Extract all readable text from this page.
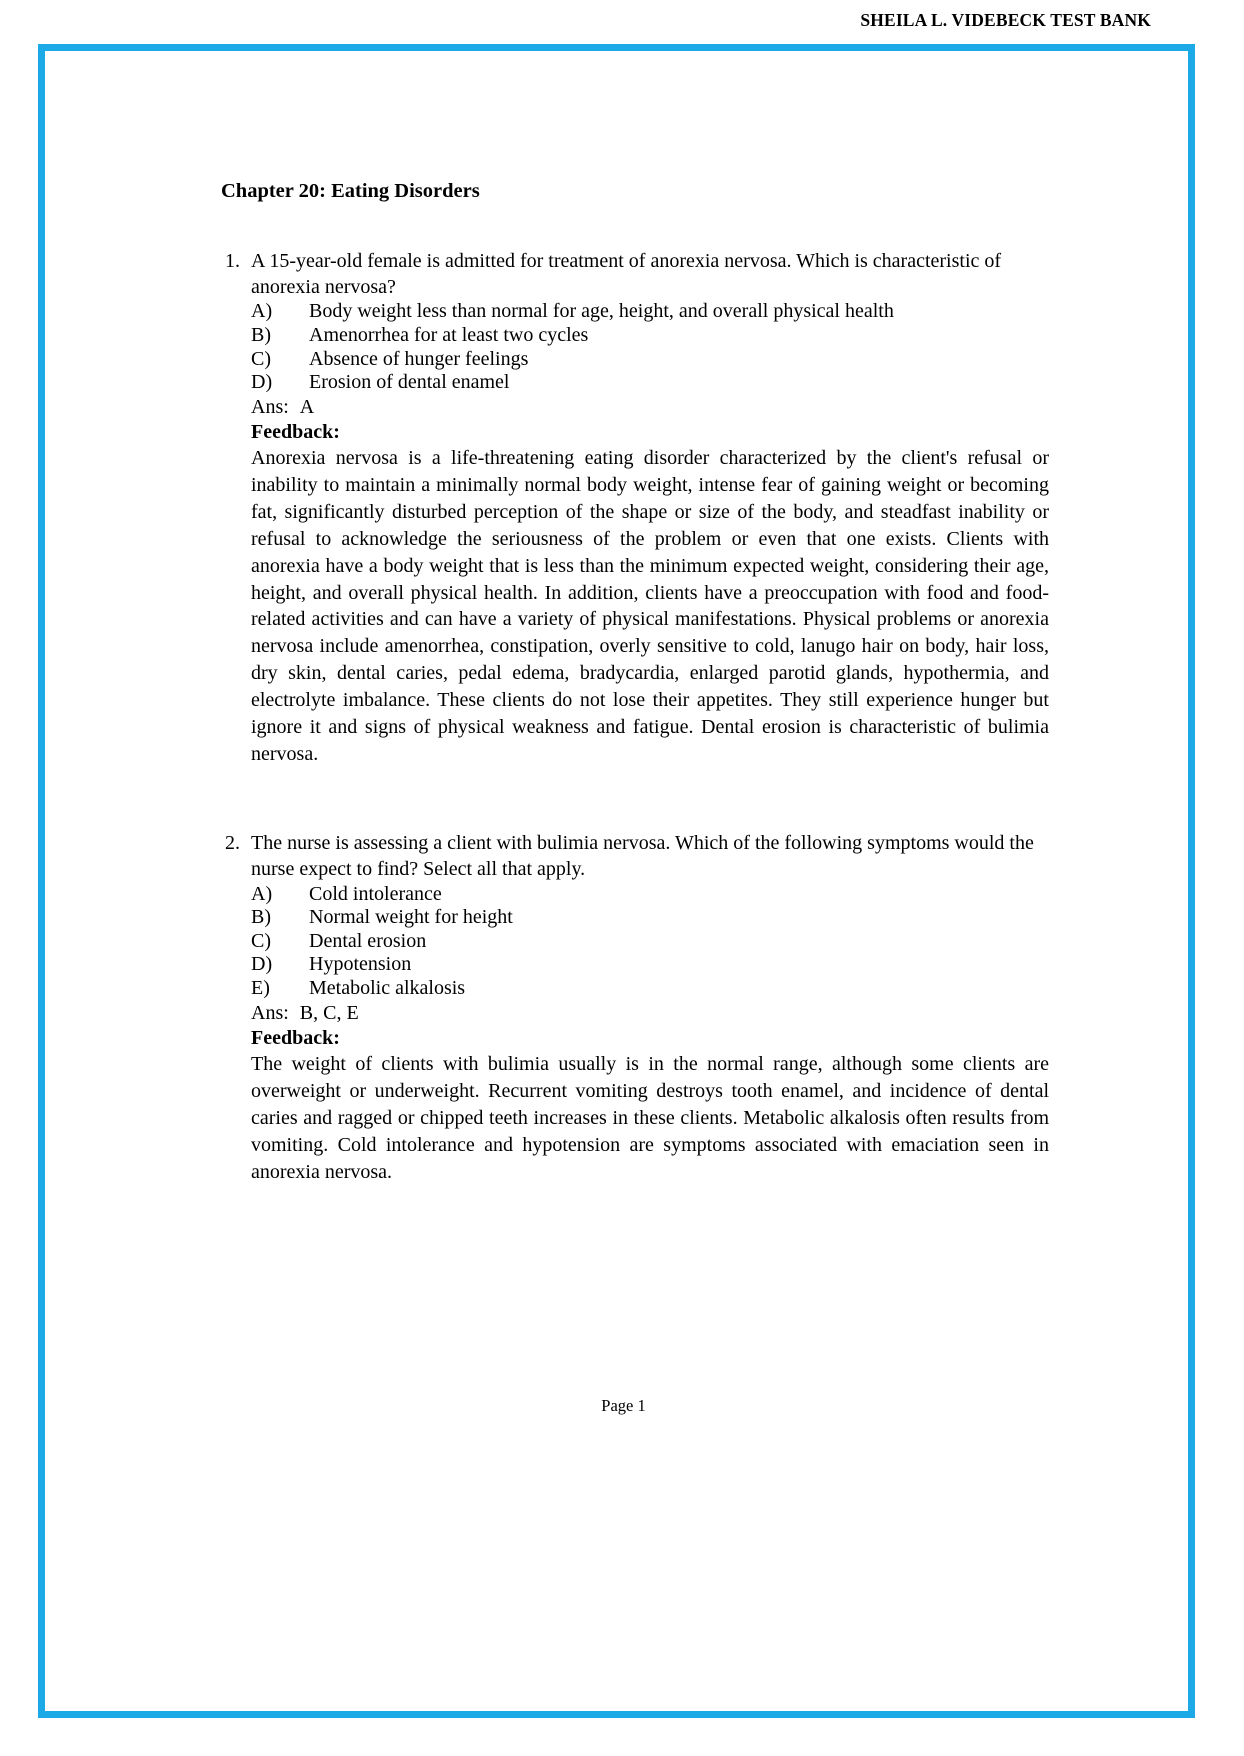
SHEILA L. VIDEBECK TEST BANK
Chapter 20: Eating Disorders
1. A 15-year-old female is admitted for treatment of anorexia nervosa. Which is characteristic of anorexia nervosa?
A)	Body weight less than normal for age, height, and overall physical health
B)	Amenorrhea for at least two cycles
C)	Absence of hunger feelings
D)	Erosion of dental enamel
Ans: A
Feedback:
Anorexia nervosa is a life-threatening eating disorder characterized by the client's refusal or inability to maintain a minimally normal body weight, intense fear of gaining weight or becoming fat, significantly disturbed perception of the shape or size of the body, and steadfast inability or refusal to acknowledge the seriousness of the problem or even that one exists. Clients with anorexia have a body weight that is less than the minimum expected weight, considering their age, height, and overall physical health. In addition, clients have a preoccupation with food and food-related activities and can have a variety of physical manifestations. Physical problems or anorexia nervosa include amenorrhea, constipation, overly sensitive to cold, lanugo hair on body, hair loss, dry skin, dental caries, pedal edema, bradycardia, enlarged parotid glands, hypothermia, and electrolyte imbalance. These clients do not lose their appetites. They still experience hunger but ignore it and signs of physical weakness and fatigue. Dental erosion is characteristic of bulimia nervosa.
2. The nurse is assessing a client with bulimia nervosa. Which of the following symptoms would the nurse expect to find? Select all that apply.
A)	Cold intolerance
B)	Normal weight for height
C)	Dental erosion
D)	Hypotension
E)	Metabolic alkalosis
Ans: B, C, E
Feedback:
The weight of clients with bulimia usually is in the normal range, although some clients are overweight or underweight. Recurrent vomiting destroys tooth enamel, and incidence of dental caries and ragged or chipped teeth increases in these clients. Metabolic alkalosis often results from vomiting. Cold intolerance and hypotension are symptoms associated with emaciation seen in anorexia nervosa.
Page 1
